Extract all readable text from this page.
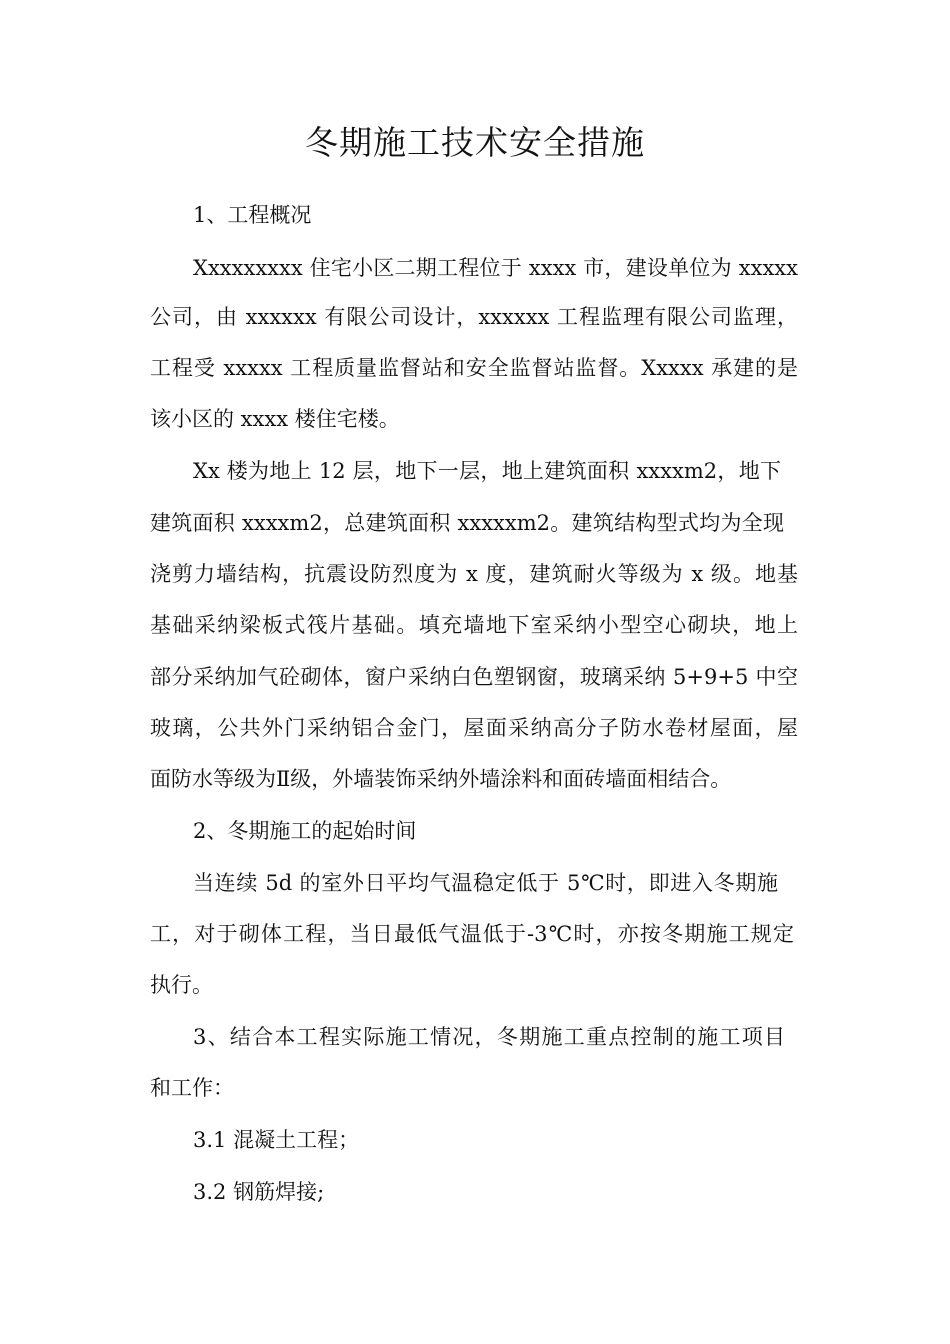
冬期施工技术安全措施
1、工程概况
Xxxxxxxxx 住宅小区二期工程位于 xxxx 市，建设单位为 xxxxx
公司，由 xxxxxx 有限公司设计，xxxxxx 工程监理有限公司监理，
工程受 xxxxx 工程质量监督站和安全监督站监督。Xxxxx 承建的是
该小区的 xxxx 楼住宅楼。
Xx 楼为地上 12 层，地下一层，地上建筑面积 xxxxm2，地下
建筑面积 xxxxm2，总建筑面积 xxxxxm2。建筑结构型式均为全现
浇剪力墙结构，抗震设防烈度为 x 度，建筑耐火等级为 x 级。地基
基础采纳梁板式筏片基础。填充墙地下室采纳小型空心砌块，地上
部分采纳加气砼砌体，窗户采纳白色塑钢窗，玻璃采纳 5+9+5 中空
玻璃，公共外门采纳铝合金门，屋面采纳高分子防水卷材屋面，屋
面防水等级为Ⅱ级，外墙装饰采纳外墙涂料和面砖墙面相结合。
2、冬期施工的起始时间
当连续 5d 的室外日平均气温稳定低于 5℃时，即进入冬期施
工，对于砌体工程，当日最低气温低于-3℃时，亦按冬期施工规定
执行。
3、结合本工程实际施工情况，冬期施工重点控制的施工项目
和工作：
3.1 混凝土工程；
3.2 钢筋焊接;
